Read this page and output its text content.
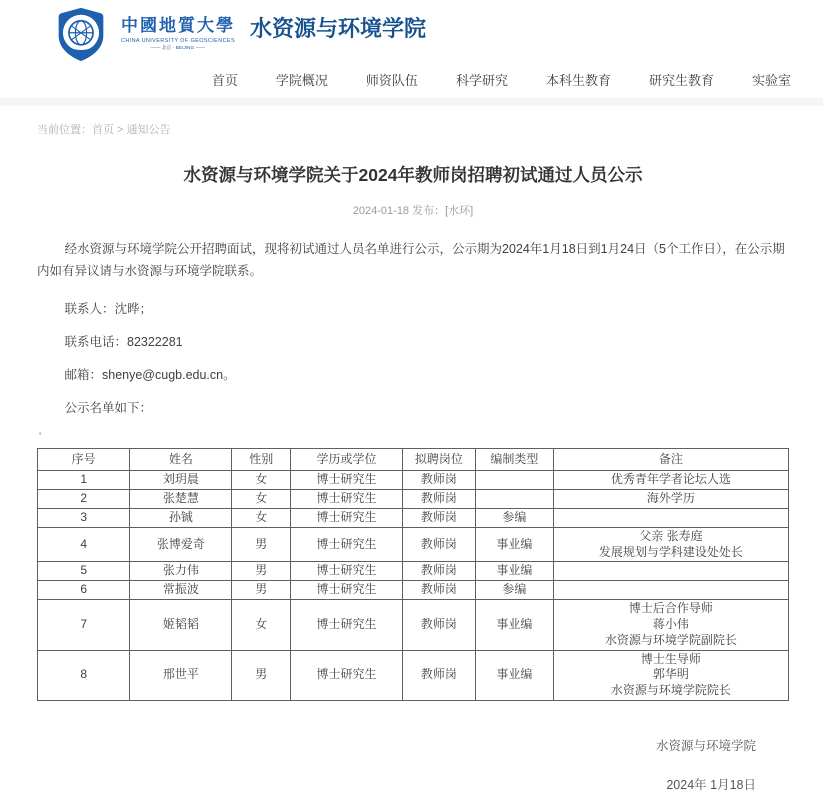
中國地質大學
CHINA UNIVERSITY OF GEOSCIENCES
—— 北京 · BEIJING ——
水资源与环境学院
首页	学院概况	师资队伍	科学研究	本科生教育	研究生教育	实验室
当前位置：首页 > 通知公告
水资源与环境学院关于2024年教师岗招聘初试通过人员公示
2024-01-18 发布：[水环]

经水资源与环境学院公开招聘面试，现将初试通过人员名单进行公示，公示期为2024年1月18日到1月24日（5个工作日），在公示期内如有异议请与水资源与环境学院联系。

联系人：沈晔；

联系电话：82322281

邮箱：shenye@cugb.edu.cn。

公示名单如下：

'
序号	姓名	性别	学历或学位	拟聘岗位	编制类型	备注
1	刘玥晨	女	博士研究生	教师岗		优秀青年学者论坛人选
2	张楚慧	女	博士研究生	教师岗		海外学历
3	孙铖	女	博士研究生	教师岗	参编	
4	张博爱奇	男	博士研究生	教师岗	事业编	父亲 张寿庭
发展规划与学科建设处处长
5	张力伟	男	博士研究生	教师岗	事业编	
6	常振波	男	博士研究生	教师岗	参编	
7	姬韬韬	女	博士研究生	教师岗	事业编	博士后合作导师
蒋小伟
水资源与环境学院副院长
8	邢世平	男	博士研究生	教师岗	事业编	博士生导师
郭华明
水资源与环境学院院长
水资源与环境学院
2024年 1月18日
